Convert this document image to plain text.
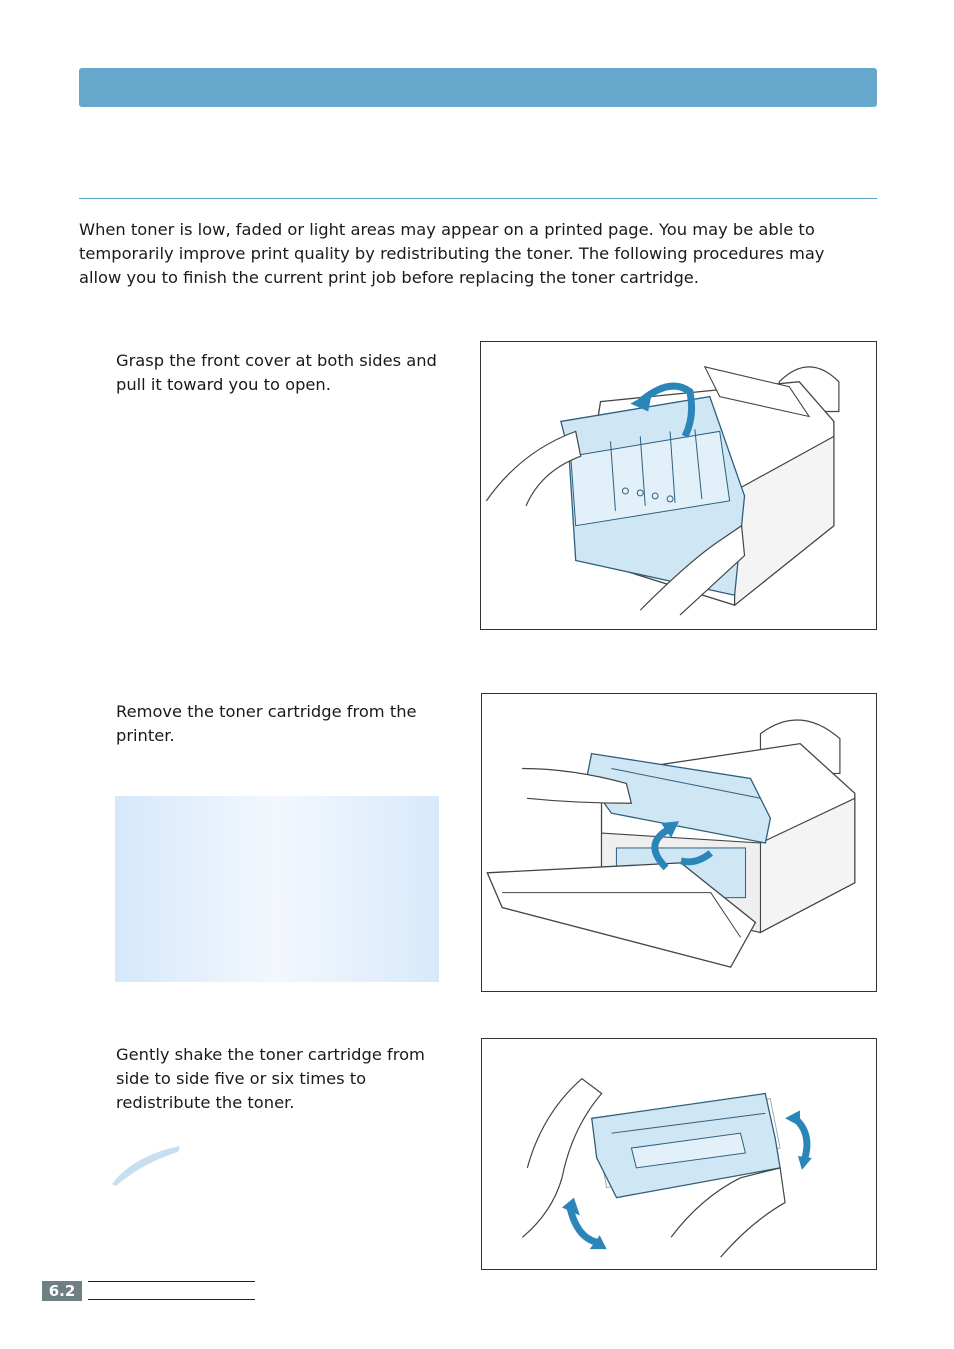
When toner is low, faded or light areas may appear on a printed page. You may be able to temporarily improve print quality by redistributing the toner. The following procedures may allow you to finish the current print job before replacing the toner cartridge.

Grasp the front cover at both sides and pull it toward you to open.

Remove the toner cartridge from the printer.

Gently shake the toner cartridge from side to side five or six times to redistribute the toner.

6.2
